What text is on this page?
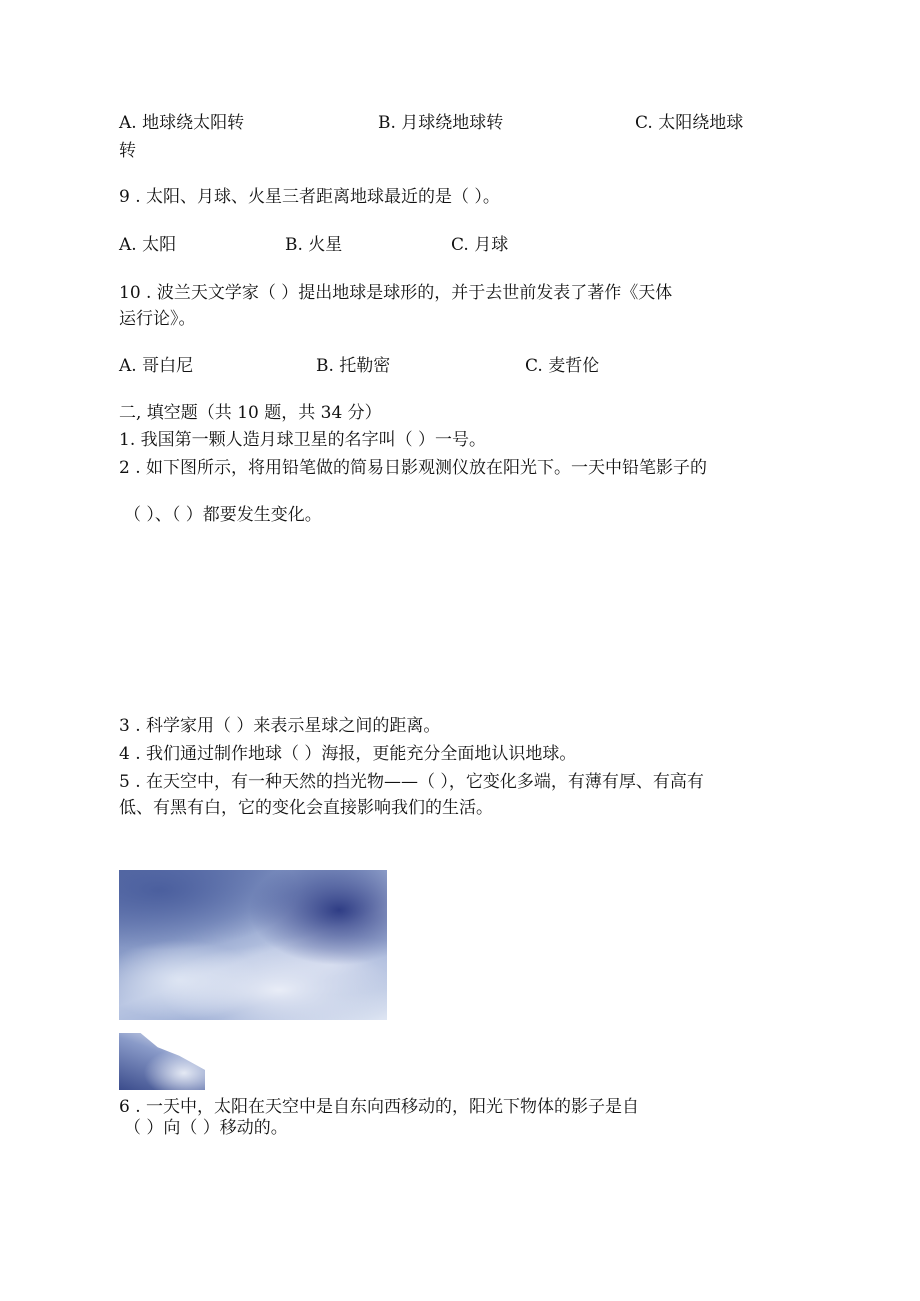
A. 地球绕太阳转	B. 月球绕地球转	C. 太阳绕地球
转
9 . 太阳、月球、火星三者距离地球最近的是（ ）。
A. 太阳	B. 火星	C. 月球
10 . 波兰天文学家（ ）提出地球是球形的，并于去世前发表了著作《天体
运行论》。
A. 哥白尼	B. 托勒密	C. 麦哲伦
二, 填空题（共 10 题，共 34 分）
1. 我国第一颗人造月球卫星的名字叫（ ）一号。
2 . 如下图所示，将用铅笔做的简易日影观测仪放在阳光下。一天中铅笔影子的
（ ）、（ ）都要发生变化。
3 . 科学家用（ ）来表示星球之间的距离。
4 . 我们通过制作地球（ ）海报，更能充分全面地认识地球。
5 . 在天空中，有一种天然的挡光物——（ ），它变化多端，有薄有厚、有高有
低、有黑有白，它的变化会直接影响我们的生活。
6 . 一天中，太阳在天空中是自东向西移动的，阳光下物体的影子是自
（ ）向（ ）移动的。
